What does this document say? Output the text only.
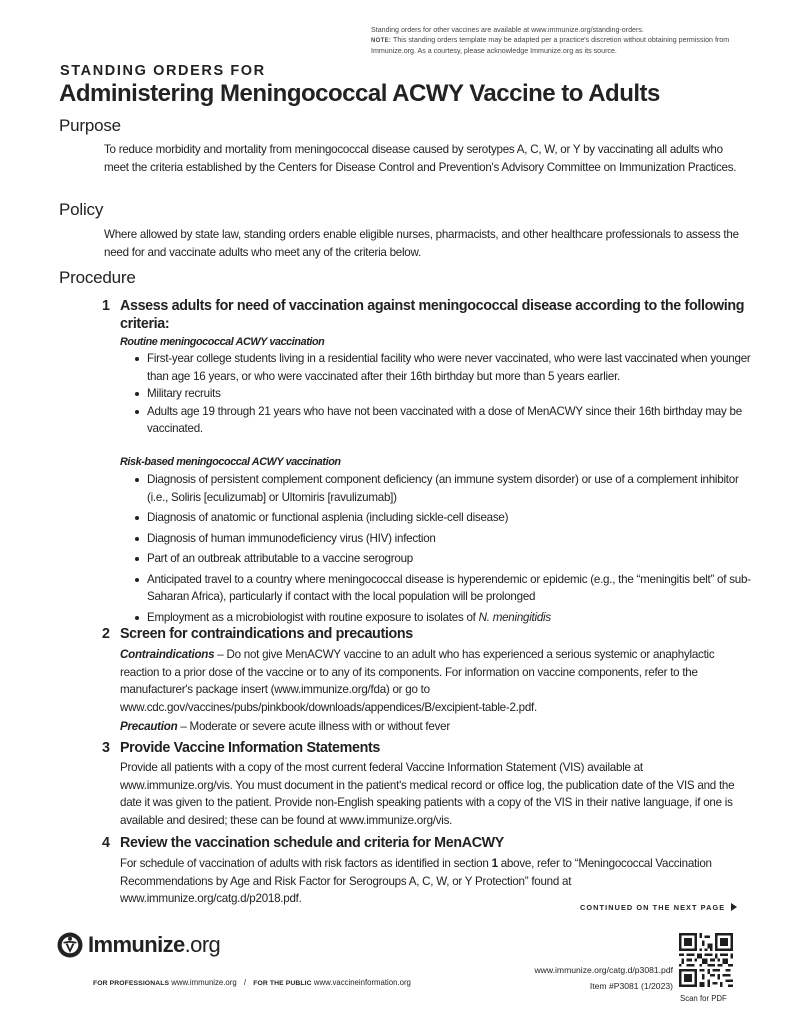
Standing orders for other vaccines are available at www.immunize.org/standing-orders.
NOTE: This standing orders template may be adapted per a practice's discretion without obtaining permission from Immunize.org. As a courtesy, please acknowledge Immunize.org as its source.
STANDING ORDERS FOR
Administering Meningococcal ACWY Vaccine to Adults
Purpose
To reduce morbidity and mortality from meningococcal disease caused by serotypes A, C, W, or Y by vaccinating all adults who meet the criteria established by the Centers for Disease Control and Prevention's Advisory Committee on Immunization Practices.
Policy
Where allowed by state law, standing orders enable eligible nurses, pharmacists, and other healthcare professionals to assess the need for and vaccinate adults who meet any of the criteria below.
Procedure
1 Assess adults for need of vaccination against meningococcal disease according to the following criteria:
Routine meningococcal ACWY vaccination
First-year college students living in a residential facility who were never vaccinated, who were last vaccinated when younger than age 16 years, or who were vaccinated after their 16th birthday but more than 5 years earlier.
Military recruits
Adults age 19 through 21 years who have not been vaccinated with a dose of MenACWY since their 16th birthday may be vaccinated.
Risk-based meningococcal ACWY vaccination
Diagnosis of persistent complement component deficiency (an immune system disorder) or use of a complement inhibitor (i.e., Soliris [eculizumab] or Ultomiris [ravulizumab])
Diagnosis of anatomic or functional asplenia (including sickle-cell disease)
Diagnosis of human immunodeficiency virus (HIV) infection
Part of an outbreak attributable to a vaccine serogroup
Anticipated travel to a country where meningococcal disease is hyperendemic or epidemic (e.g., the “meningitis belt” of sub-Saharan Africa), particularly if contact with the local population will be prolonged
Employment as a microbiologist with routine exposure to isolates of N. meningitidis
2 Screen for contraindications and precautions

Contraindications – Do not give MenACWY vaccine to an adult who has experienced a serious systemic or anaphylactic reaction to a prior dose of the vaccine or to any of its components. For information on vaccine components, refer to the manufacturer's package insert (www.immunize.org/fda) or go to www.cdc.gov/vaccines/pubs/pinkbook/downloads/appendices/B/excipient-table-2.pdf.

Precaution – Moderate or severe acute illness with or without fever

3 Provide Vaccine Information Statements
Provide all patients with a copy of the most current federal Vaccine Information Statement (VIS) available at www.immunize.org/vis. You must document in the patient's medical record or office log, the publication date of the VIS and the date it was given to the patient. Provide non-English speaking patients with a copy of the VIS in their native language, if one is available and desired; these can be found at www.immunize.org/vis.
4 Review the vaccination schedule and criteria for MenACWY
For schedule of vaccination of adults with risk factors as identified in section 1 above, refer to “Meningococcal Vaccination Recommendations by Age and Risk Factor for Serogroups A, C, W, or Y Protection” found at www.immunize.org/catg.d/p2018.pdf.
CONTINUED ON THE NEXT PAGE
Immunize.org
FOR PROFESSIONALS www.immunize.org / FOR THE PUBLIC www.vaccineinformation.org
www.immunize.org/catg.d/p3081.pdf
Item #P3081 (1/2023)
Scan for PDF
